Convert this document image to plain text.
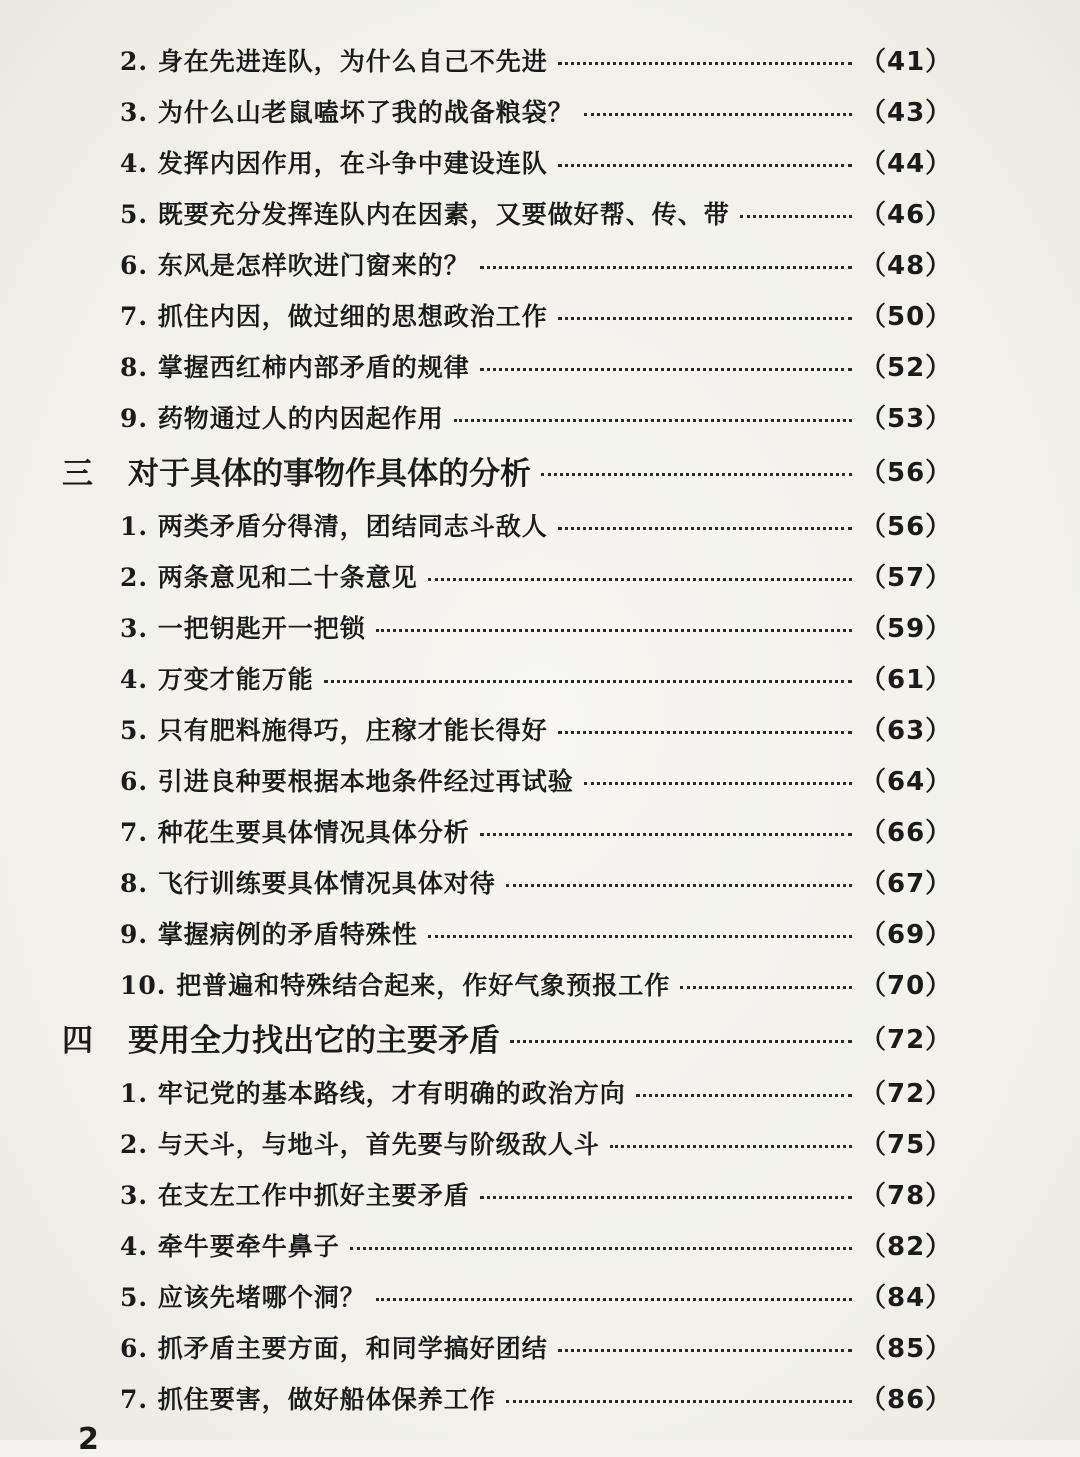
2. 身在先进连队，为什么自己不先进	（41）
3. 为什么山老鼠嗑坏了我的战备粮袋？	（43）
4. 发挥内因作用，在斗争中建设连队	（44）
5. 既要充分发挥连队内在因素，又要做好帮、传、带	（46）
6. 东风是怎样吹进门窗来的？	（48）
7. 抓住内因，做过细的思想政治工作	（50）
8. 掌握西红柿内部矛盾的规律	（52）
9. 药物通过人的内因起作用	（53）
三	对于具体的事物作具体的分析	（56）
1. 两类矛盾分得清，团结同志斗敌人	（56）
2. 两条意见和二十条意见	（57）
3. 一把钥匙开一把锁	（59）
4. 万变才能万能	（61）
5. 只有肥料施得巧，庄稼才能长得好	（63）
6. 引进良种要根据本地条件经过再试验	（64）
7. 种花生要具体情况具体分析	（66）
8. 飞行训练要具体情况具体对待	（67）
9. 掌握病例的矛盾特殊性	（69）
10. 把普遍和特殊结合起来，作好气象预报工作	（70）
四	要用全力找出它的主要矛盾	（72）
1. 牢记党的基本路线，才有明确的政治方向	（72）
2. 与天斗，与地斗，首先要与阶级敌人斗	（75）
3. 在支左工作中抓好主要矛盾	（78）
4. 牵牛要牵牛鼻子	（82）
5. 应该先堵哪个洞？	（84）
6. 抓矛盾主要方面，和同学搞好团结	（85）
7. 抓住要害，做好船体保养工作	（86）
2
